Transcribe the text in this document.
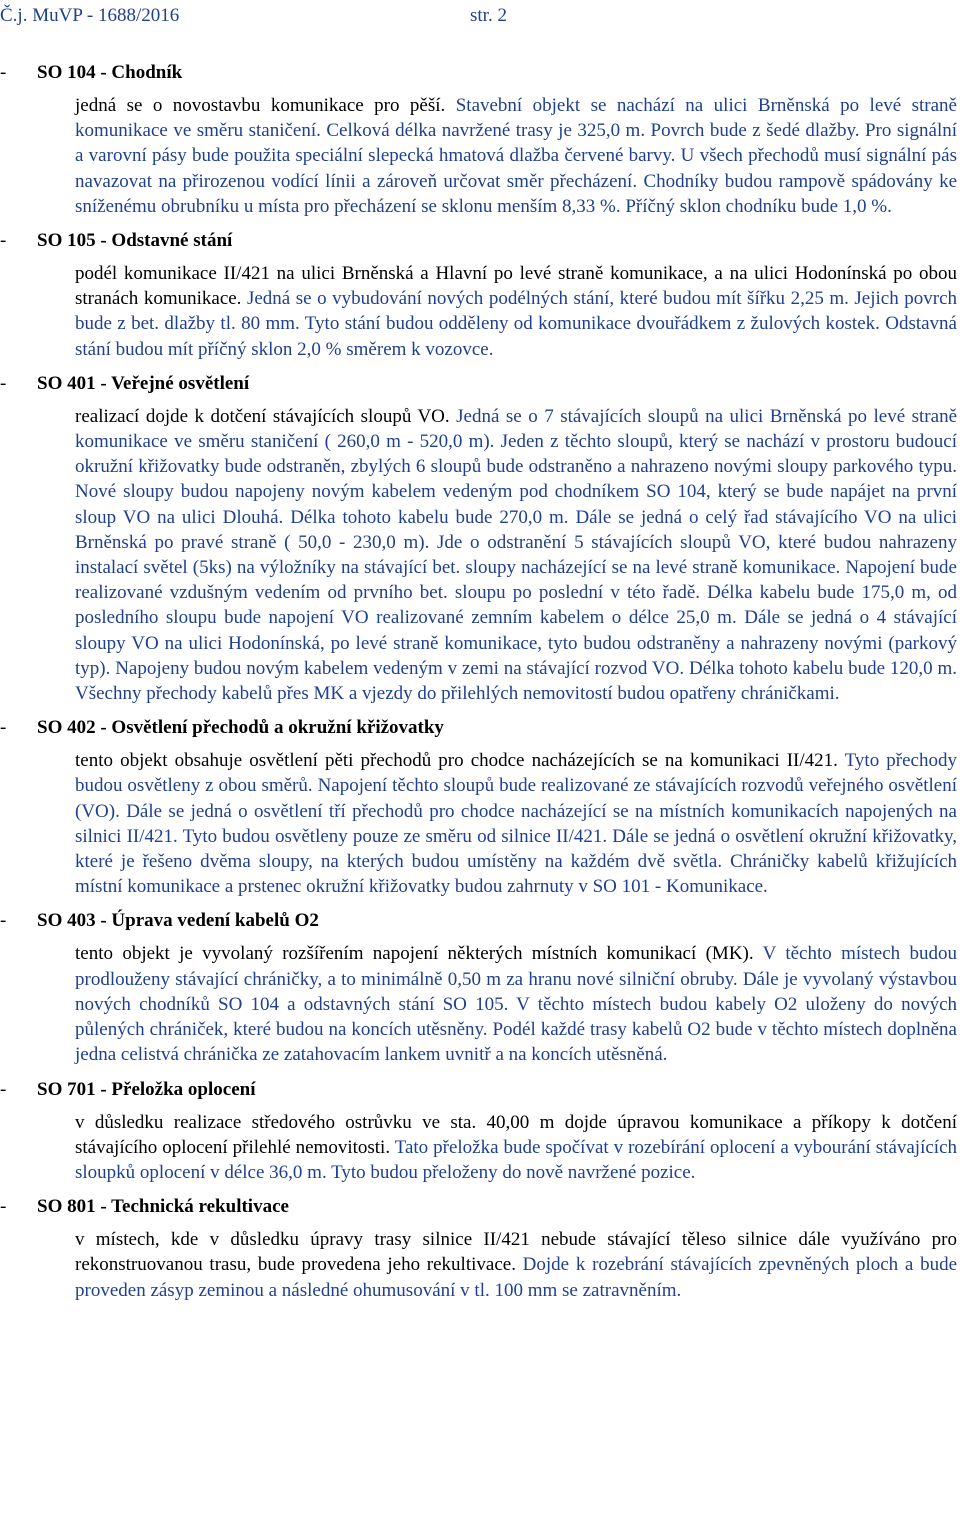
Č.j. MuVP - 1688/2016	str. 2
- SO 104 - Chodník
jedná se o novostavbu komunikace pro pěší. Stavební objekt se nachází na ulici Brněnská po levé straně komunikace ve směru staničení. Celková délka navržené trasy je 325,0 m. Povrch bude z šedé dlažby. Pro signální a varovní pásy bude použita speciální slepecká hmatová dlažba červené barvy. U všech přechodů musí signální pás navazovat na přirozenou vodící línii a zároveň určovat směr přecházení. Chodníky budou rampově spádovány ke sníženému obrubníku u místa pro přecházení se sklonu menším 8,33 %. Příčný sklon chodníku bude 1,0 %.
- SO 105 - Odstavné stání
podél komunikace II/421 na ulici Brněnská a Hlavní po levé straně komunikace, a na ulici Hodonínská po obou stranách komunikace. Jedná se o vybudování nových podélných stání, které budou mít šířku 2,25 m. Jejich povrch bude z bet. dlažby tl. 80 mm. Tyto stání budou odděleny od komunikace dvouřádkem z žulových kostek. Odstavná stání budou mít příčný sklon 2,0 % směrem k vozovce.
- SO 401 - Veřejné osvětlení
realizací dojde k dotčení stávajících sloupů VO. Jedná se o 7 stávajících sloupů na ulici Brněnská po levé straně komunikace ve směru staničení ( 260,0 m - 520,0 m). Jeden z těchto sloupů, který se nachází v prostoru budoucí okružní křižovatky bude odstraněn, zbylých 6 sloupů bude odstraněno a nahrazeno novými sloupy parkového typu. Nové sloupy budou napojeny novým kabelem vedeným pod chodníkem SO 104, který se bude napájet na první sloup VO na ulici Dlouhá. Délka tohoto kabelu bude 270,0 m. Dále se jedná o celý řad stávajícího VO na ulici Brněnská po pravé straně ( 50,0 - 230,0 m). Jde o odstranění 5 stávajících sloupů VO, které budou nahrazeny instalací světel (5ks) na výložníky na stávající bet. sloupy nacházející se na levé straně komunikace. Napojení bude realizované vzdušným vedením od prvního bet. sloupu po poslední v této řadě. Délka kabelu bude 175,0 m, od posledního sloupu bude napojení VO realizované zemním kabelem o délce 25,0 m. Dále se jedná o 4 stávající sloupy VO na ulici Hodonínská, po levé straně komunikace, tyto budou odstraněny a nahrazeny novými (parkový typ). Napojeny budou novým kabelem vedeným v zemi na stávající rozvod VO. Délka tohoto kabelu bude 120,0 m. Všechny přechody kabelů přes MK a vjezdy do přilehlých nemovitostí budou opatřeny chráničkami.
- SO 402 - Osvětlení přechodů a okružní křižovatky
tento objekt obsahuje osvětlení pěti přechodů pro chodce nacházejících se na komunikaci II/421. Tyto přechody budou osvětleny z obou směrů. Napojení těchto sloupů bude realizované ze stávajících rozvodů veřejného osvětlení (VO). Dále se jedná o osvětlení tří přechodů pro chodce nacházející se na místních komunikacích napojených na silnici II/421. Tyto budou osvětleny pouze ze směru od silnice II/421. Dále se jedná o osvětlení okružní křižovatky, které je řešeno dvěma sloupy, na kterých budou umístěny na každém dvě světla. Chráničky kabelů křižujících místní komunikace a prstenec okružní křižovatky budou zahrnuty v SO 101 - Komunikace.
- SO 403 - Úprava vedení kabelů O2
tento objekt je vyvolaný rozšířením napojení některých místních komunikací (MK). V těchto místech budou prodlouženy stávající chráničky, a to minimálně 0,50 m za hranu nové silniční obruby. Dále je vyvolaný výstavbou nových chodníků SO 104 a odstavných stání SO 105. V těchto místech budou kabely O2 uloženy do nových půlených chrániček, které budou na koncích utěsněny. Podél každé trasy kabelů O2 bude v těchto místech doplněna jedna celistvá chránička ze zatahovacím lankem uvnitř a na koncích utěsněná.
- SO 701 - Přeložka oplocení
v důsledku realizace středového ostrůvku ve sta. 40,00 m dojde úpravou komunikace a příkopy k dotčení stávajícího oplocení přilehlé nemovitosti. Tato přeložka bude spočívat v rozebírání oplocení a vybourání stávajících sloupků oplocení v délce 36,0 m. Tyto budou přeloženy do nově navržené pozice.
- SO 801 - Technická rekultivace
v místech, kde v důsledku úpravy trasy silnice II/421 nebude stávající těleso silnice dále využíváno pro rekonstruovanou trasu, bude provedena jeho rekultivace. Dojde k rozebrání stávajících zpevněných ploch a bude proveden zásyp zeminou a následné ohumusování v tl. 100 mm se zatravněním.
